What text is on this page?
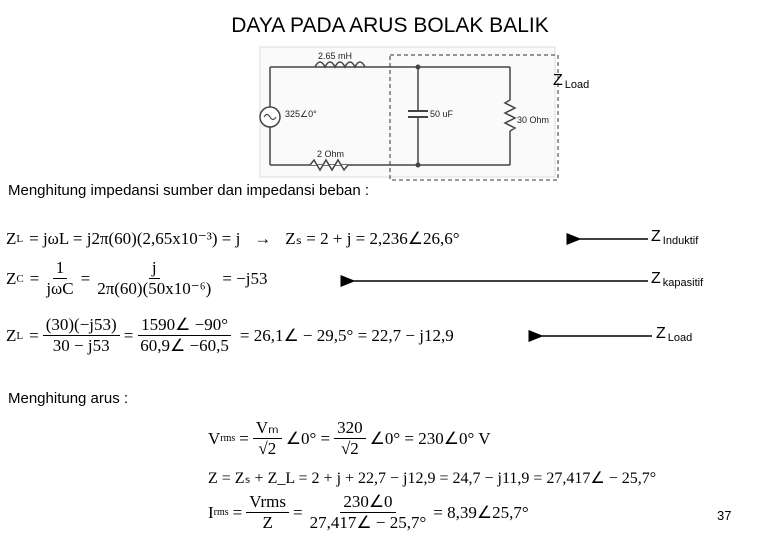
DAYA PADA ARUS BOLAK BALIK
2.65 mH
325∠0°
2 Ohm
50 uF
30 Ohm
Z $_{Load}$
Menghitung impedansi sumber dan impedansi beban :
Z L = jωL = j2π(60)(2,65x10⁻³) = j → Zₛ = 2 + j = 2,236∠26,6°
Z $C = \frac{1}{\text{jωC}} = \frac{j}{\text{2π(60)(50x10⁻⁶)}} = -j53$
Z $L = \frac{(30)(-j53)}{30 - j53} = \frac{1590\angle -90^\circ}{60,9\angle -60,5}$ = 26,1∠ − 29,5° = 22,7 − j12,9
Z $_{Induktif}$
Z $_{kapasitif}$
Z $_{Load}$
Menghitung arus :
V rms = $\frac{\text{Vₘ}}{√2}$ ∠0° = $\frac{320}{√2}$ ∠0° = 230∠0° V
Z = Zₛ + Z_L = 2 + j + 22,7 − j12,9 = 24,7 − j11,9 = 27,417∠ − 25,7°
I rms = $\frac{\text{Vrms}}{Z} = \frac{230\angle 0}{27,417\angle - 25,7^\circ}$ = 8,39∠25,7°	37
